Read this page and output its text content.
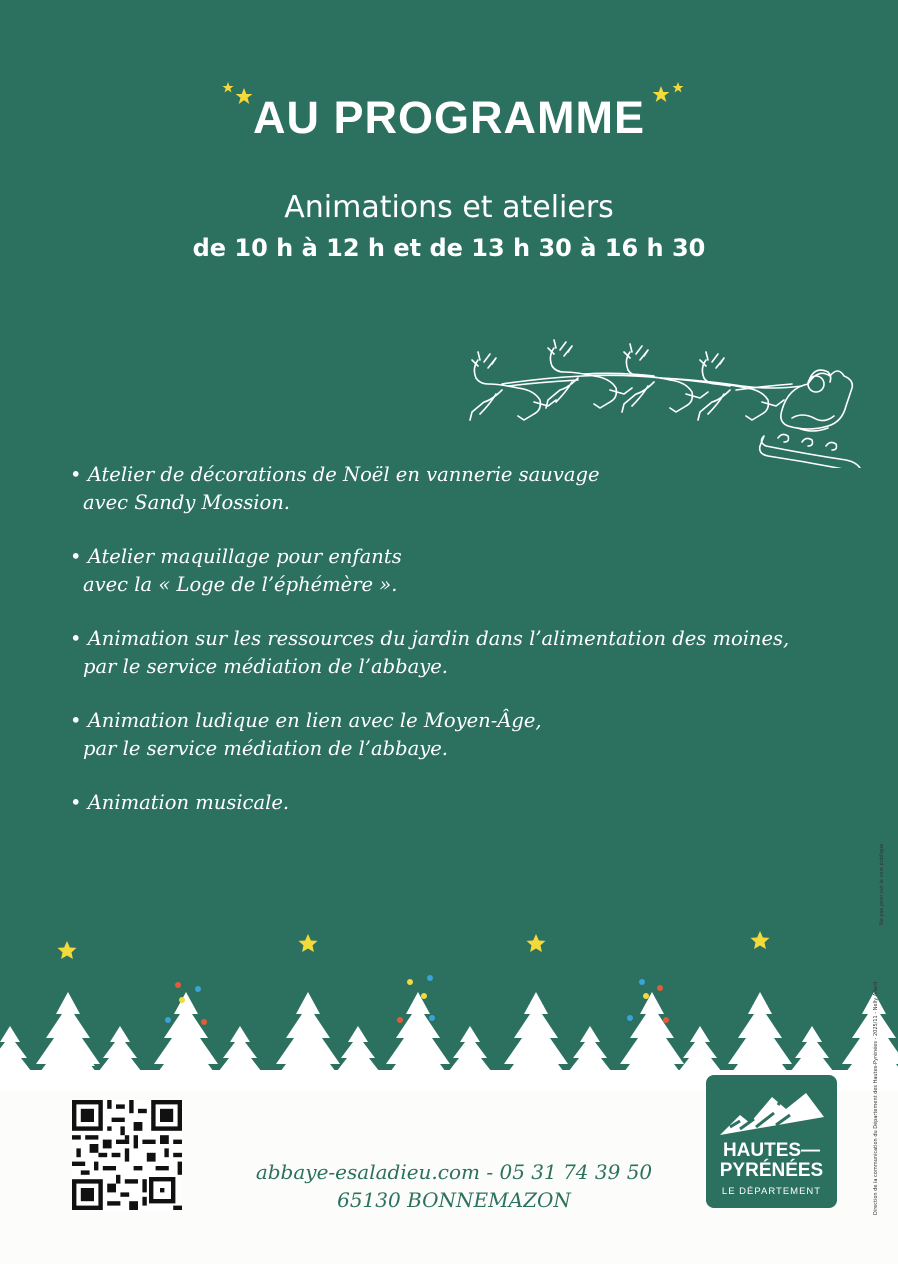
AU PROGRAMME
Animations et ateliers
de 10 h à 12 h et de 13 h 30 à 16 h 30
• Atelier de décorations de Noël en vannerie sauvage
avec Sandy Mossion.
• Atelier maquillage pour enfants
avec la « Loge de l’éphémère ».
• Animation sur les ressources du jardin dans l’alimentation des moines,
par le service médiation de l’abbaye.
• Animation ludique en lien avec le Moyen-Âge,
par le service médiation de l’abbaye.
• Animation musicale.
abbaye-esaladieu.com - 05 31 74 39 50
65130 BONNEMAZON
HAUTES—
PYRÉNÉES
LE DÉPARTEMENT	Direction de la communication du Département des Hautes-Pyrénées - 2025/11 - Nelly Allard
Ne pas jeter sur la voie publique
